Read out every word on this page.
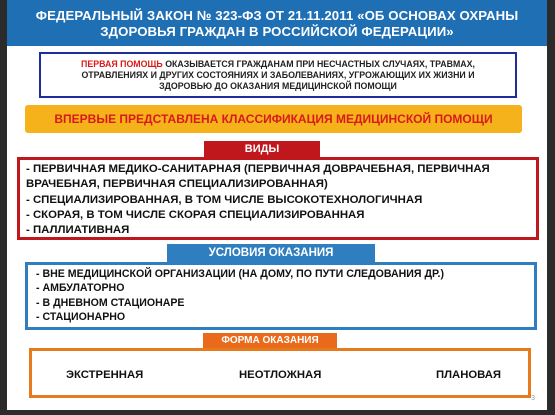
ФЕДЕРАЛЬНЫЙ ЗАКОН № 323-ФЗ ОТ 21.11.2011 «ОБ ОСНОВАХ ОХРАНЫ
ЗДОРОВЬЯ ГРАЖДАН В РОССИЙСКОЙ ФЕДЕРАЦИИ»
ПЕРВАЯ ПОМОЩЬ ОКАЗЫВАЕТСЯ ГРАЖДАНАМ ПРИ НЕСЧАСТНЫХ СЛУЧАЯХ, ТРАВМАХ,
ОТРАВЛЕНИЯХ И ДРУГИХ СОСТОЯНИЯХ И ЗАБОЛЕВАНИЯХ, УГРОЖАЮЩИХ ИХ ЖИЗНИ И
ЗДОРОВЬЮ ДО ОКАЗАНИЯ МЕДИЦИНСКОЙ ПОМОЩИ
ВПЕРВЫЕ ПРЕДСТАВЛЕНА КЛАССИФИКАЦИЯ МЕДИЦИНСКОЙ ПОМОЩИ
ВИДЫ
- ПЕРВИЧНАЯ МЕДИКО-САНИТАРНАЯ (ПЕРВИЧНАЯ ДОВРАЧЕБНАЯ, ПЕРВИЧНАЯ ВРАЧЕБНАЯ, ПЕРВИЧНАЯ СПЕЦИАЛИЗИРОВАННАЯ)
- СПЕЦИАЛИЗИРОВАННАЯ, В ТОМ ЧИСЛЕ ВЫСОКОТЕХНОЛОГИЧНАЯ
- СКОРАЯ, В ТОМ ЧИСЛЕ СКОРАЯ СПЕЦИАЛИЗИРОВАННАЯ
- ПАЛЛИАТИВНАЯ
УСЛОВИЯ ОКАЗАНИЯ
- ВНЕ МЕДИЦИНСКОЙ ОРГАНИЗАЦИИ (НА ДОМУ, ПО ПУТИ СЛЕДОВАНИЯ ДР.)
- АМБУЛАТОРНО
- В ДНЕВНОМ СТАЦИОНАРЕ
- СТАЦИОНАРНО
ФОРМА ОКАЗАНИЯ
ЭКСТРЕННАЯ	НЕОТЛОЖНАЯ	ПЛАНОВАЯ
3
